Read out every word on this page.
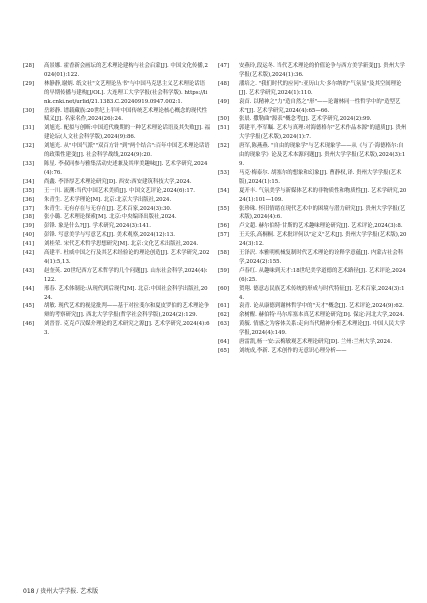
[28]	高景娜. 霍香新会画坛的艺术理论建构与社会启蒙[J]. 中国文化传播,2024(01):122.
[29]	林静静,谢炳. 纸文社"文艺理论丛书"与中国马克思主义艺术理论话语的早期传播与建构[J/OL]. 大连理工大学学报(社会科学版). https://link.cnki.net/urlid/21.1383.C.20240919.0947.002:1.
[30]	岳彩静. 谱载藏族:20世纪上半叶中国传统艺术理论核心概念的现代性赋义[J]. 名家名作,2024(26):24.
[31]	刘旭光. 配拟与创断:中国近代晚期的一种艺术理论话语及其失败[J]. 福建论坛(人文社会科学版),2024(9):86.
[32]	刘旭光. 从"中国气派""双百方针"到"两个结合":百年中国艺术理论话语的政策性建变[J]. 社会科学战线,2024(9):20.
[33]	陈星. 李叔同参与雅集活动史述兼及其审美趣味[J]. 艺术学研究,2024(4):76.
[34]	尚鑫. 李泽厚艺术理论研究[D]. 西安:西安建筑科技大学,2024.
[35]	王一川. 流溯:当代中国艺术美质[J]. 中国文艺评论,2024(6):17.
[36]	朱青生. 艺术学理论[M]. 北京:北京大学出版社,2024.
[37]	朱青生. 无有存在与无存在[J]. 艺术百家,2024(3):30.
[38]	张小璐. 艺术理论探索[M]. 北京:中央编译出版社,2024.
[39]	彭锋. 象是什么?[J]. 学术研究,2024(3):141.
[40]	彭锋. 写意美学与写意艺术[J]. 美术观察,2024(12):13.
[41]	刘桂荣. 宋代艺术哲学思想研究[M]. 北京:文化艺术出版社,2024.
[42]	高建平. 杜威中国之行及其艺术经验论的理论创造[J]. 艺术学研究,2024(1):5,13.
[43]	赵奎英. 20世纪西方艺术哲学的几个问题[J]. 山东社会科学,2024(4):122.
[44]	邢春. 艺术体制论:从现代到后现代[M]. 北京:中国社会科学出版社,2024.
[45]	胡敏. 现代艺术的视觉批判——基于对拉斐尔和夏皮罗伯的艺术理论争辩的考察研究[J]. 西北大学学报(哲学社会科学版),2024(2):129.
[46]	刘晋晋. 克克卢汉媒介理论的艺术研究之源[J]. 艺术学研究,2024(4):63.
[47]	安燕玲,段运冬. 当代艺术理论的价值论争与西方美学新变[J]. 贵州大学学报(艺术版),2024(1):36.
[48]	潘培之. "我们时代的应问":亚历山大·多尔纳的"气氛显"及其空间理论[J]. 艺术学研究,2024(1):110.
[49]	袁首. 以精神之"力"造自然之"形"——论谢林同一性哲学中的"造型艺术"[J]. 艺术学研究,2024(4):65—66.
[50]	张晨. 撒勒曲"源表"概念考[J]. 艺术学研究,2024(2):99.
[51]	郭建平,李军瞩. 艺术与真理:对海德格尔"艺术作品本源"的遗质[J]. 贵州大学学报(艺术版),2024(1):7.
[52]	唐军,陈燕燕. "自由的现象学"与艺术现象学——从《与了·海德格尔:自由的现象学》论及艺术本源问题[J]. 贵州大学学报(艺术版),2024(3):19.
[53]	马克·梅泰尔. 胡塞尔的想象和幻象[J]. 曹静权,译. 贵州大学学报(艺术版),2024(1):15.
[54]	夏开丰. 气氛美学与新媒体艺术的非物质性和物质性[J]. 艺术学研究,2024(1):101—109.
[55]	张珍珠. 怀旧情绪在现代艺术中的困境与潜力研究[J]. 贵州大学学报(艺术版),2024(4):6.
[56]	卢文超. 赫尔伯特·甘斯的艺术趣味理论研究[J]. 艺术评论,2024(3):8.
[57]	王天乐,高桐桐. 艺术批评何以"定义"艺术[J]. 贵州大学学报(艺术版),2024(3):12.
[58]	王泽沢. 本雅明机械复制时代艺术理论的诠释学意蕴[J]. 内蒙古社会科学,2024(2):155.
[59]	卢春红. 从趣味到天才:18世纪美学道德的艺术路径[J]. 艺术评论,2024(6):25.
[60]	贺翔. 德意志民族艺术传统的形成与时代特征[J]. 艺术百家,2024(3):14.
[61]	袁青. 论从康德到谢林哲学中的"天才"概念[J]. 艺术评论,2024(9):62.
[62]	余树醒. 赫伯特·马尔库塞本真艺术理论研究[D]. 保定:河北大学,2024.
[63]	黄毓. 情感之为客体关系:走向当代精神分析艺术理论[J]. 中国人民大学学报,2024(4):149.
[64]	唐雷凯,杨一安:云梅敏观艺术理论研究[D]. 兰州:兰州大学,2024.
[65]	刘统成,李新. 艺术创作的无意识心理分析——
018 / 贵州大学学报. 艺术版
